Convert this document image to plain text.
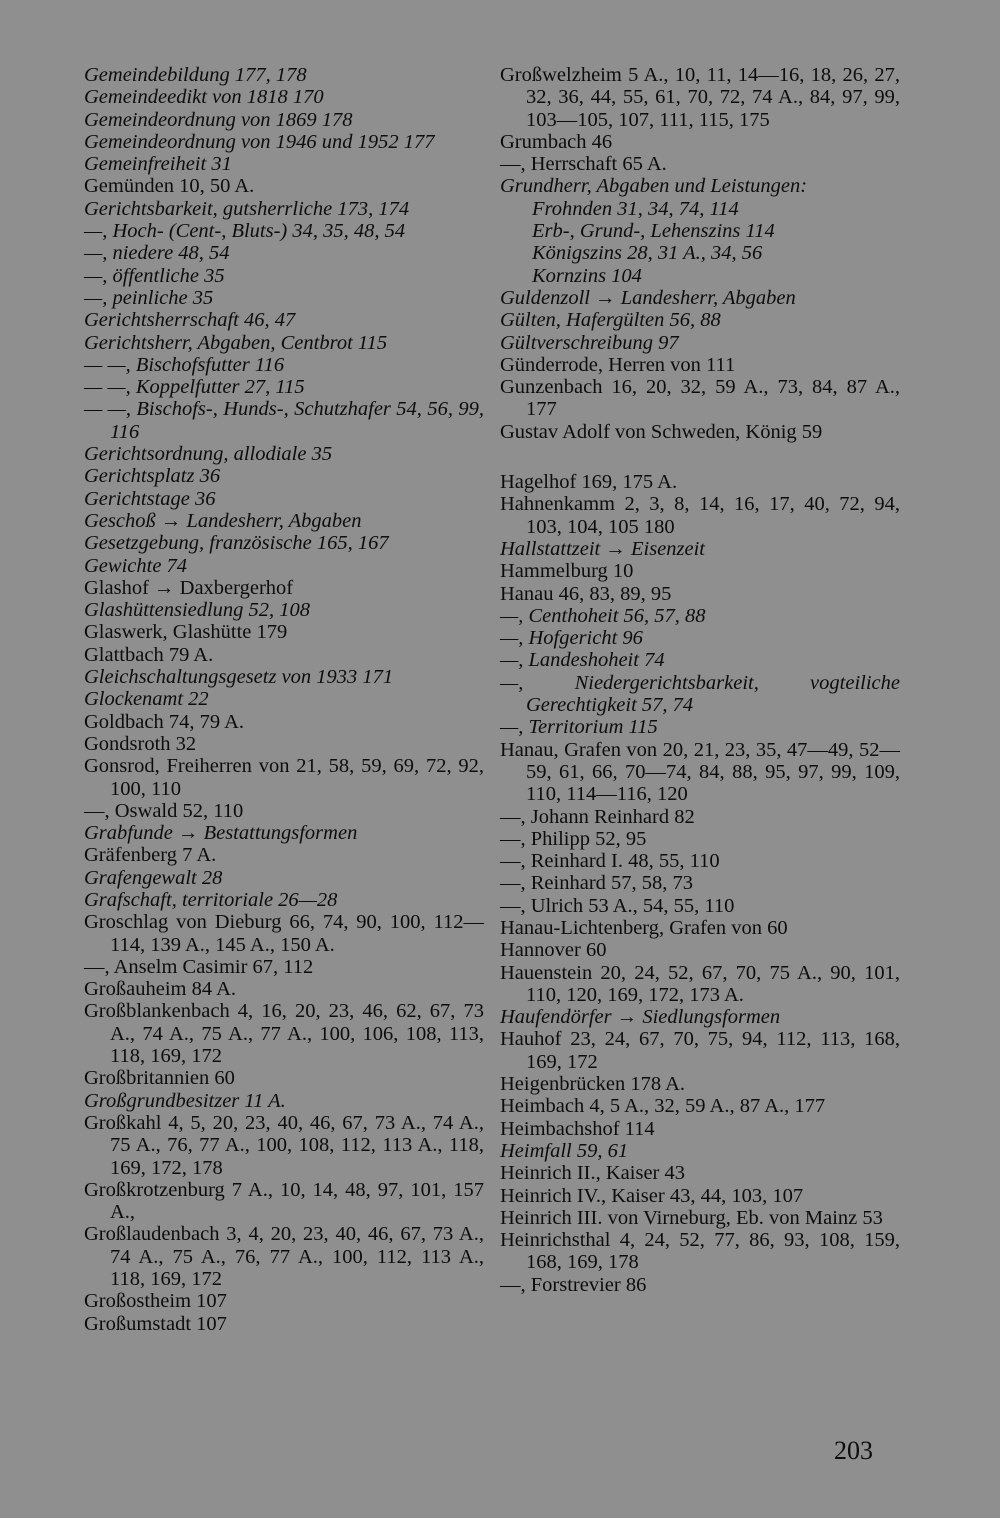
Gemeindebildung 177, 178

Gemeindeedikt von 1818 170

Gemeindeordnung von 1869 178

Gemeindeordnung von 1946 und 1952 177

Gemeinfreiheit 31

Gemünden 10, 50 A.

Gerichtsbarkeit, gutsherrliche 173, 174

—, Hoch- (Cent-, Bluts-) 34, 35, 48, 54

—, niedere 48, 54

—, öffentliche 35

—, peinliche 35

Gerichtsherrschaft 46, 47

Gerichtsherr, Abgaben, Centbrot 115

— —, Bischofsfutter 116

— —, Koppelfutter 27, 115

— —, Bischofs-, Hunds-, Schutzhafer 54, 56, 99, 116

Gerichtsordnung, allodiale 35

Gerichtsplatz 36

Gerichtstage 36

Geschoß → Landesherr, Abgaben

Gesetzgebung, französische 165, 167

Gewichte 74

Glashof → Daxbergerhof

Glashüttensiedlung 52, 108

Glaswerk, Glashütte 179

Glattbach 79 A.

Gleichschaltungsgesetz von 1933 171

Glockenamt 22

Goldbach 74, 79 A.

Gondsroth 32

Gonsrod, Freiherren von 21, 58, 59, 69, 72, 92, 100, 110

—, Oswald 52, 110

Grabfunde → Bestattungsformen

Gräfenberg 7 A.

Grafengewalt 28

Grafschaft, territoriale 26—28

Groschlag von Dieburg 66, 74, 90, 100, 112—114, 139 A., 145 A., 150 A.

—, Anselm Casimir 67, 112

Großauheim 84 A.

Großblankenbach 4, 16, 20, 23, 46, 62, 67, 73 A., 74 A., 75 A., 77 A., 100, 106, 108, 113, 118, 169, 172

Großbritannien 60

Großgrundbesitzer 11 A.

Großkahl 4, 5, 20, 23, 40, 46, 67, 73 A., 74 A., 75 A., 76, 77 A., 100, 108, 112, 113 A., 118, 169, 172, 178

Großkrotzenburg 7 A., 10, 14, 48, 97, 101, 157 A.,

Großlaudenbach 3, 4, 20, 23, 40, 46, 67, 73 A., 74 A., 75 A., 76, 77 A., 100, 112, 113 A., 118, 169, 172

Großostheim 107

Großumstadt 107

Großwelzheim 5 A., 10, 11, 14—16, 18, 26, 27, 32, 36, 44, 55, 61, 70, 72, 74 A., 84, 97, 99, 103—105, 107, 111, 115, 175

Grumbach 46

—, Herrschaft 65 A.

Grundherr, Abgaben und Leistungen:

Frohnden 31, 34, 74, 114

Erb-, Grund-, Lehenszins 114

Königszins 28, 31 A., 34, 56

Kornzins 104

Guldenzoll → Landesherr, Abgaben

Gülten, Hafergülten 56, 88

Gültverschreibung 97

Günderrode, Herren von 111

Gunzenbach 16, 20, 32, 59 A., 73, 84, 87 A., 177

Gustav Adolf von Schweden, König 59

Hagelhof 169, 175 A.

Hahnenkamm 2, 3, 8, 14, 16, 17, 40, 72, 94, 103, 104, 105 180

Hallstattzeit → Eisenzeit

Hammelburg 10

Hanau 46, 83, 89, 95

—, Centhoheit 56, 57, 88

—, Hofgericht 96

—, Landeshoheit 74

—, Niedergerichtsbarkeit, vogteiliche Gerechtigkeit 57, 74

—, Territorium 115

Hanau, Grafen von 20, 21, 23, 35, 47—49, 52—59, 61, 66, 70—74, 84, 88, 95, 97, 99, 109, 110, 114—116, 120

—, Johann Reinhard 82

—, Philipp 52, 95

—, Reinhard I. 48, 55, 110

—, Reinhard 57, 58, 73

—, Ulrich 53 A., 54, 55, 110

Hanau-Lichtenberg, Grafen von 60

Hannover 60

Hauenstein 20, 24, 52, 67, 70, 75 A., 90, 101, 110, 120, 169, 172, 173 A.

Haufendörfer → Siedlungsformen

Hauhof 23, 24, 67, 70, 75, 94, 112, 113, 168, 169, 172

Heigenbrücken 178 A.

Heimbach 4, 5 A., 32, 59 A., 87 A., 177

Heimbachshof 114

Heimfall 59, 61

Heinrich II., Kaiser 43

Heinrich IV., Kaiser 43, 44, 103, 107

Heinrich III. von Virneburg, Eb. von Mainz 53

Heinrichsthal 4, 24, 52, 77, 86, 93, 108, 159, 168, 169, 178

—, Forstrevier 86

203
